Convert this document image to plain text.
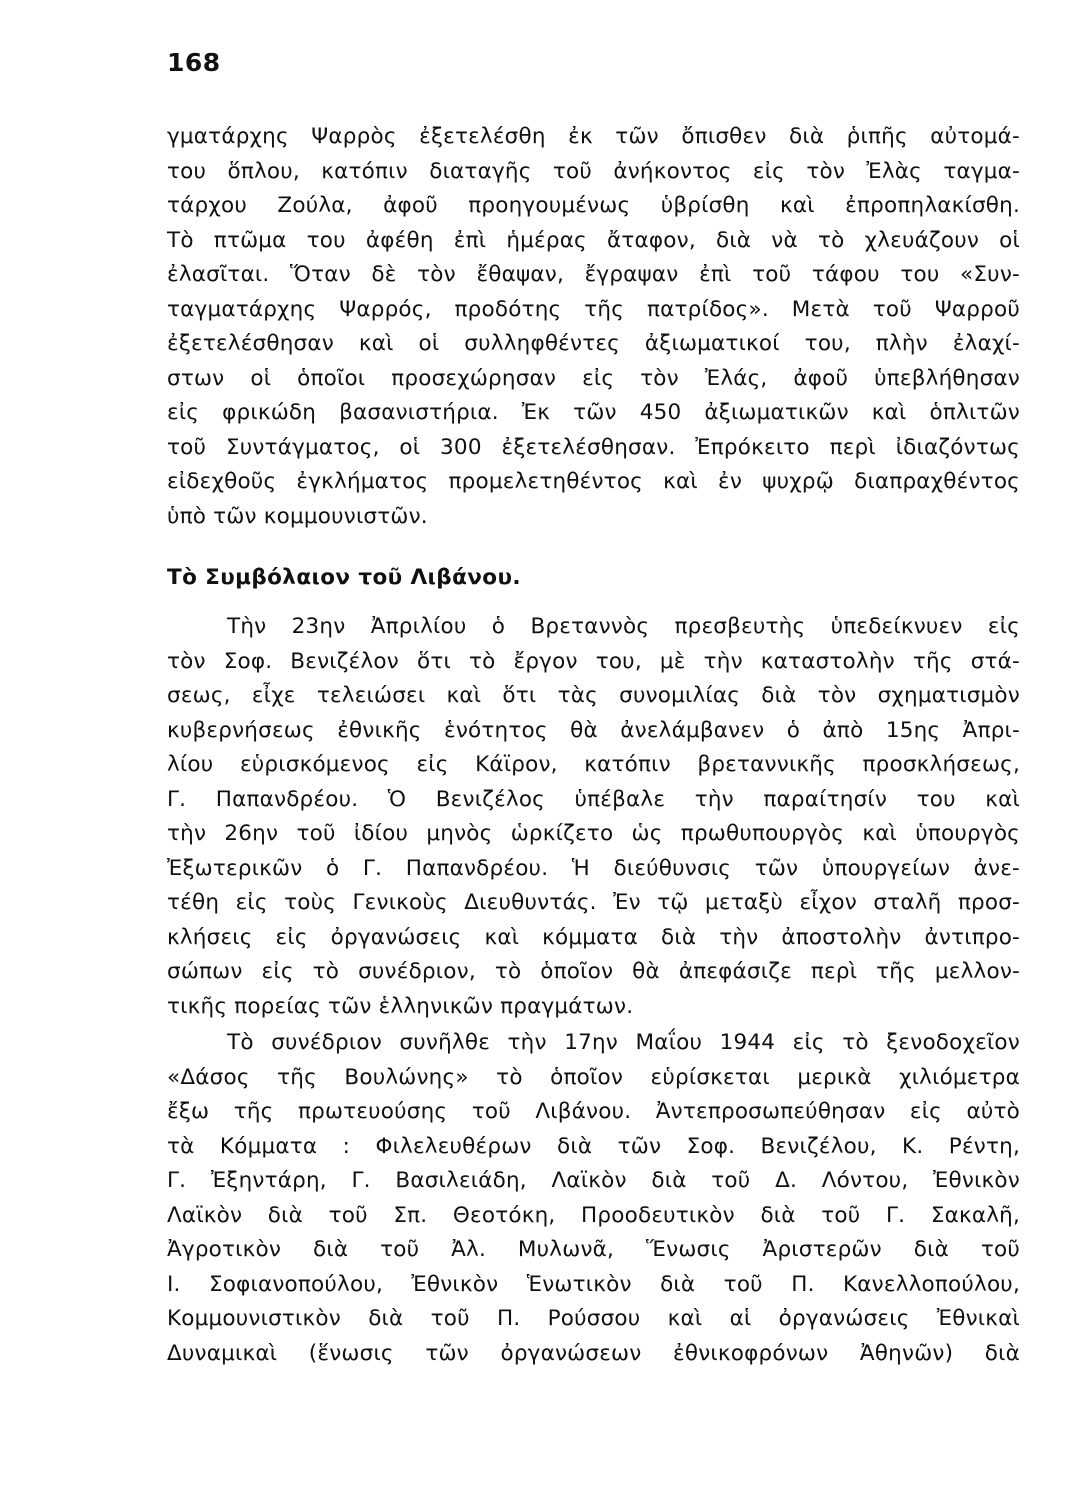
168
γματάρχης Ψαρρὸς ἐξετελέσθη ἐκ τῶν ὄπισθεν διὰ ῥιπῆς αὐτομά-
του ὅπλου, κατόπιν διαταγῆς τοῦ ἀνήκοντος εἰς τὸν Ἐλὰς ταγμα-
τάρχου Ζούλα, ἀφοῦ προηγουμένως ὑβρίσθη καὶ ἐπροπηλακίσθη.
Τὸ πτῶμα του ἀφέθη ἐπὶ ἡμέρας ἄταφον, διὰ νὰ τὸ χλευάζουν οἱ
ἐλασῖται. Ὅταν δὲ τὸν ἔθαψαν, ἔγραψαν ἐπὶ τοῦ τάφου του «Συν-
ταγματάρχης Ψαρρός, προδότης τῆς πατρίδος». Μετὰ τοῦ Ψαρροῦ
ἐξετελέσθησαν καὶ οἱ συλληφθέντες ἀξιωματικοί του, πλὴν ἐλαχί-
στων οἱ ὁποῖοι προσεχώρησαν εἰς τὸν Ἐλάς, ἀφοῦ ὑπεβλήθησαν
εἰς φρικώδη βασανιστήρια. Ἐκ τῶν 450 ἀξιωματικῶν καὶ ὁπλιτῶν
τοῦ Συντάγματος, οἱ 300 ἐξετελέσθησαν. Ἐπρόκειτο περὶ ἰδιαζόντως
εἰδεχθοῦς ἐγκλήματος προμελετηθέντος καὶ ἐν ψυχρῷ διαπραχθέντος
ὑπὸ τῶν κομμουνιστῶν.
Τὸ Συμβόλαιον τοῦ Λιβάνου.
Τὴν 23ην Ἀπριλίου ὁ Βρεταννὸς πρεσβευτὴς ὑπεδείκνυεν εἰς
τὸν Σοφ. Βενιζέλον ὅτι τὸ ἔργον του, μὲ τὴν καταστολὴν τῆς στά-
σεως, εἶχε τελειώσει καὶ ὅτι τὰς συνομιλίας διὰ τὸν σχηματισμὸν
κυβερνήσεως ἐθνικῆς ἑνότητος θὰ ἀνελάμβανεν ὁ ἀπὸ 15ης Ἀπρι-
λίου εὑρισκόμενος εἰς Κάϊρον, κατόπιν βρεταννικῆς προσκλήσεως,
Γ. Παπανδρέου. Ὁ Βενιζέλος ὑπέβαλε τὴν παραίτησίν του καὶ
τὴν 26ην τοῦ ἰδίου μηνὸς ὡρκίζετο ὡς πρωθυπουργὸς καὶ ὑπουργὸς
Ἐξωτερικῶν ὁ Γ. Παπανδρέου. Ἡ διεύθυνσις τῶν ὑπουργείων ἀνε-
τέθη εἰς τοὺς Γενικοὺς Διευθυντάς. Ἐν τῷ μεταξὺ εἶχον σταλῆ προσ-
κλήσεις εἰς ὀργανώσεις καὶ κόμματα διὰ τὴν ἀποστολὴν ἀντιπρο-
σώπων εἰς τὸ συνέδριον, τὸ ὁποῖον θὰ ἀπεφάσιζε περὶ τῆς μελλον-
τικῆς πορείας τῶν ἑλληνικῶν πραγμάτων.
Τὸ συνέδριον συνῆλθε τὴν 17ην Μαΐου 1944 εἰς τὸ ξενοδοχεῖον
«Δάσος τῆς Βουλώνης» τὸ ὁποῖον εὑρίσκεται μερικὰ χιλιόμετρα
ἔξω τῆς πρωτευούσης τοῦ Λιβάνου. Ἀντεπροσωπεύθησαν εἰς αὐτὸ
τὰ Κόμματα : Φιλελευθέρων διὰ τῶν Σοφ. Βενιζέλου, Κ. Ρέντη,
Γ. Ἐξηντάρη, Γ. Βασιλειάδη, Λαϊκὸν διὰ τοῦ Δ. Λόντου, Ἐθνικὸν
Λαϊκὸν διὰ τοῦ Σπ. Θεοτόκη, Προοδευτικὸν διὰ τοῦ Γ. Σακαλῆ,
Ἀγροτικὸν διὰ τοῦ Ἀλ. Μυλωνᾶ, Ἕνωσις Ἀριστερῶν διὰ τοῦ
Ι. Σοφιανοπούλου, Ἐθνικὸν Ἑνωτικὸν διὰ τοῦ Π. Κανελλοπούλου,
Κομμουνιστικὸν διὰ τοῦ Π. Ρούσσου καὶ αἱ ὀργανώσεις Ἐθνικαὶ
Δυναμικαὶ (ἕνωσις τῶν ὀργανώσεων ἐθνικοφρόνων Ἀθηνῶν) διὰ
